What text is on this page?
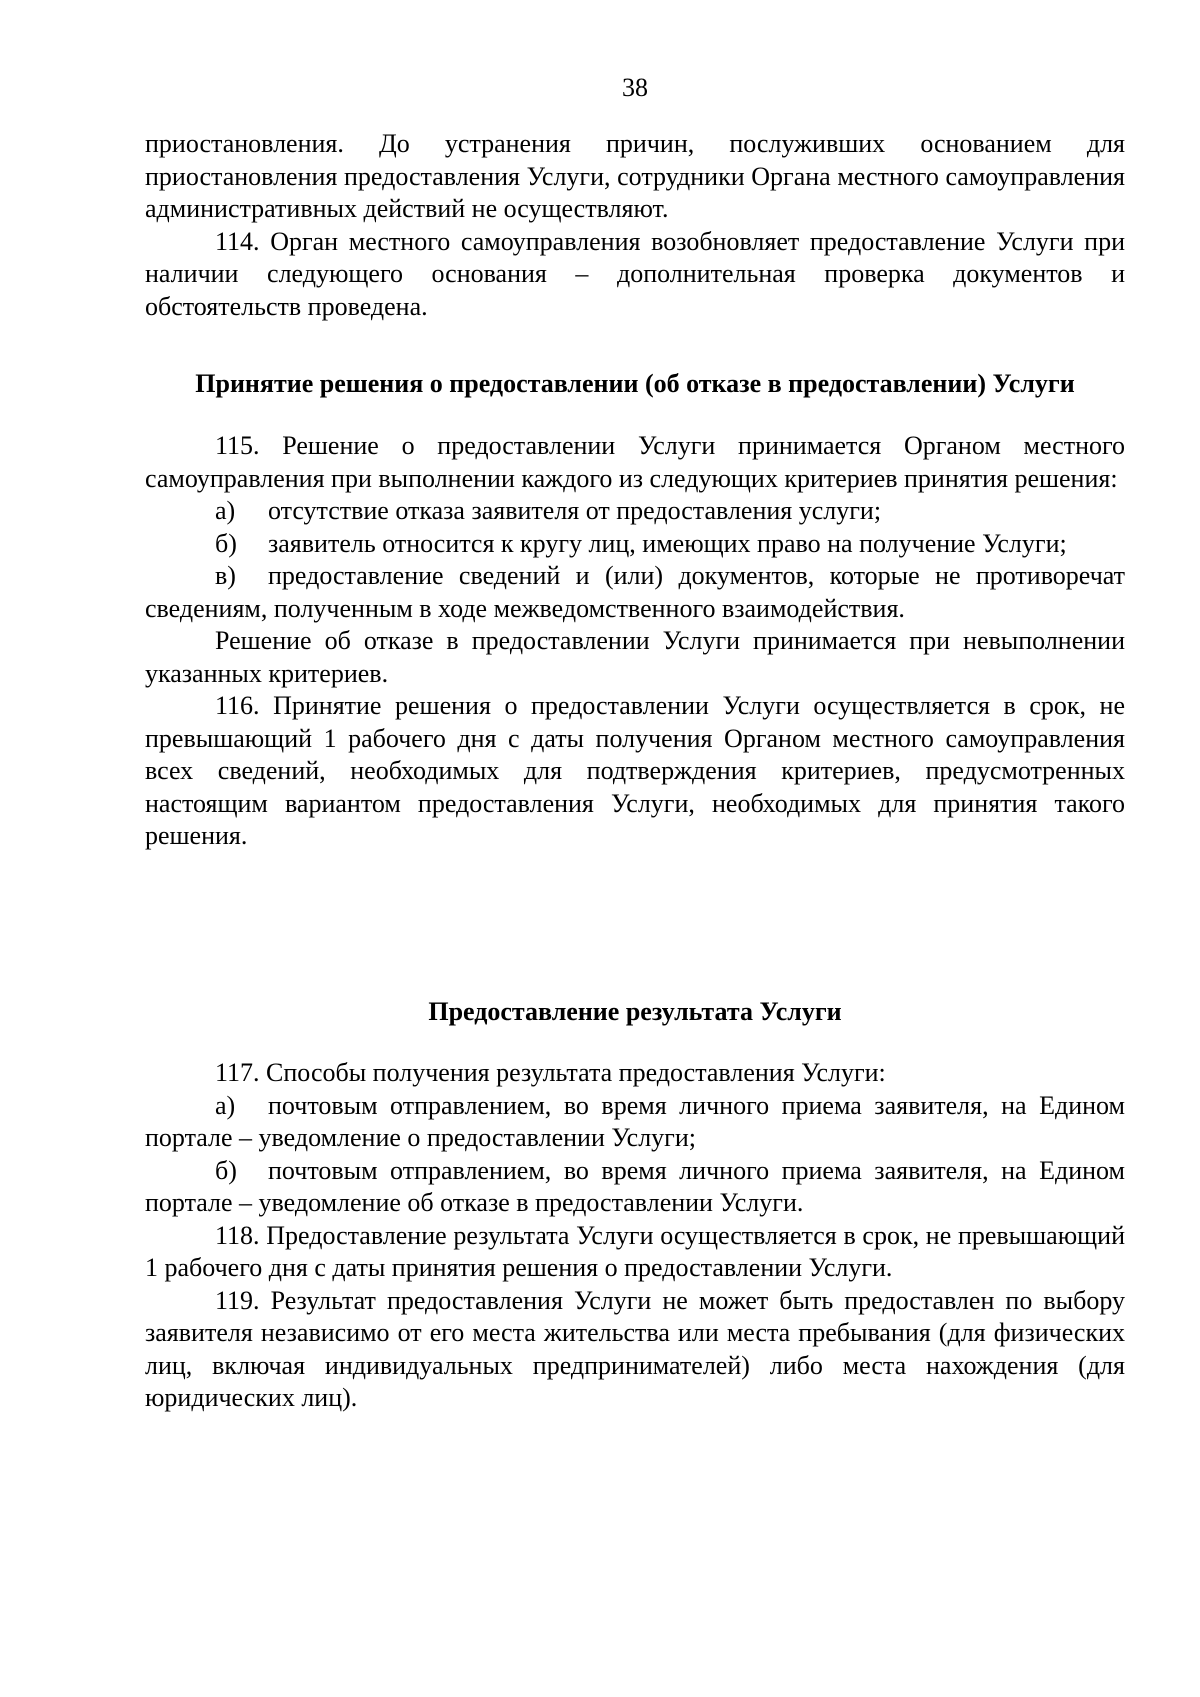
38

приостановления. До устранения причин, послуживших основанием для приостановления предоставления Услуги, сотрудники Органа местного самоуправления административных действий не осуществляют.

114. Орган местного самоуправления возобновляет предоставление Услуги при наличии следующего основания – дополнительная проверка документов и обстоятельств проведена.

Принятие решения о предоставлении (об отказе в предоставлении) Услуги

115. Решение о предоставлении Услуги принимается Органом местного самоуправления при выполнении каждого из следующих критериев принятия решения:

а) отсутствие отказа заявителя от предоставления услуги;

б) заявитель относится к кругу лиц, имеющих право на получение Услуги;

в) предоставление сведений и (или) документов, которые не противоречат сведениям, полученным в ходе межведомственного взаимодействия.

Решение об отказе в предоставлении Услуги принимается при невыполнении указанных критериев.

116. Принятие решения о предоставлении Услуги осуществляется в срок, не превышающий 1 рабочего дня с даты получения Органом местного самоуправления всех сведений, необходимых для подтверждения критериев, предусмотренных настоящим вариантом предоставления Услуги, необходимых для принятия такого решения.

Предоставление результата Услуги

117. Способы получения результата предоставления Услуги:

а) почтовым отправлением, во время личного приема заявителя, на Едином портале – уведомление о предоставлении Услуги;

б) почтовым отправлением, во время личного приема заявителя, на Едином портале – уведомление об отказе в предоставлении Услуги.

118. Предоставление результата Услуги осуществляется в срок, не превышающий 1 рабочего дня с даты принятия решения о предоставлении Услуги.

119. Результат предоставления Услуги не может быть предоставлен по выбору заявителя независимо от его места жительства или места пребывания (для физических лиц, включая индивидуальных предпринимателей) либо места нахождения (для юридических лиц).
